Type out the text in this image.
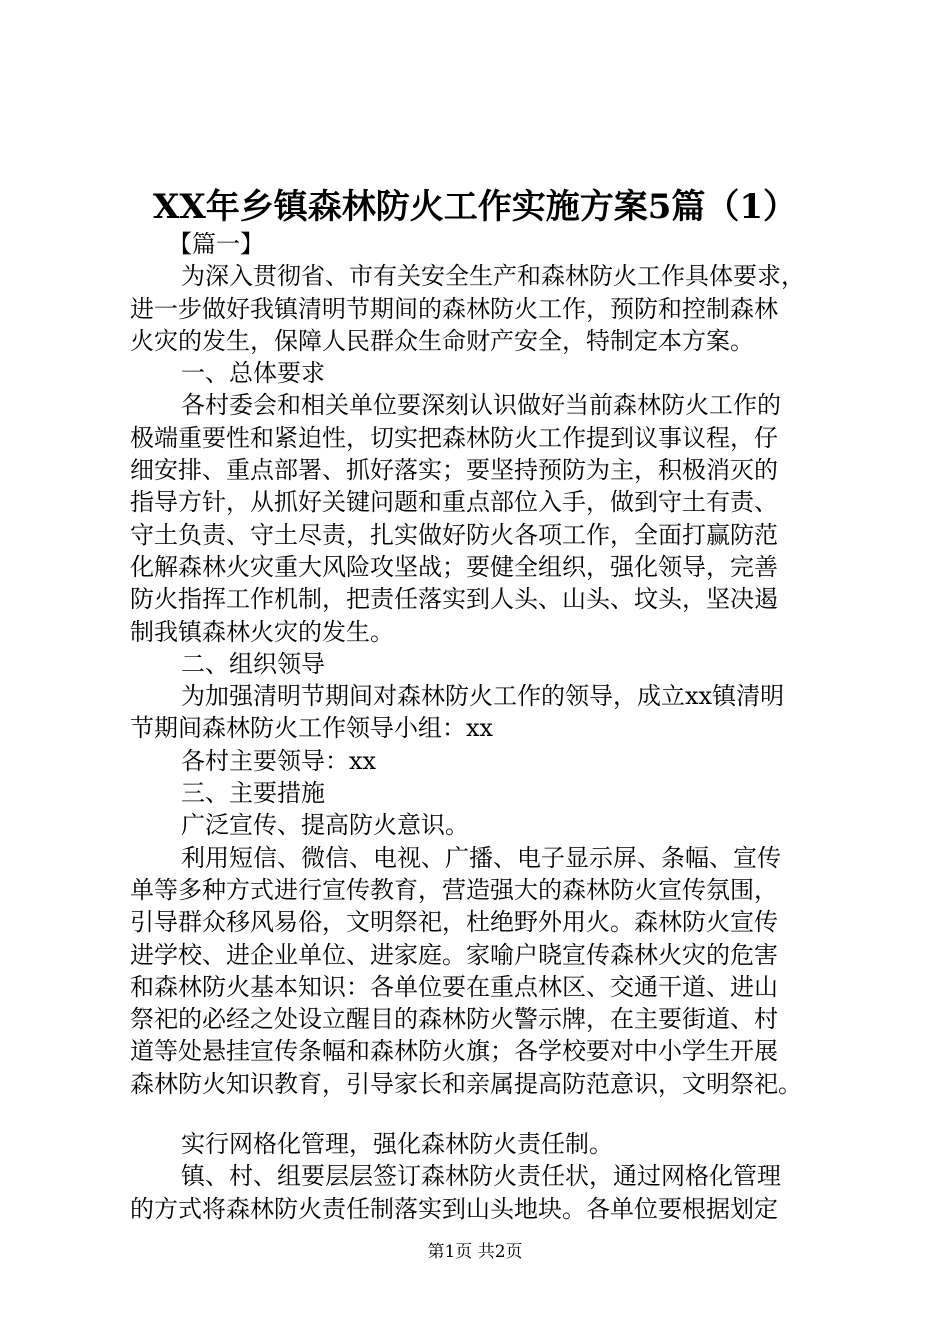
XX年乡镇森林防火工作实施方案5篇（1）
【篇一】
为深入贯彻省、市有关安全生产和森林防火工作具体要求，
进一步做好我镇清明节期间的森林防火工作，预防和控制森林
火灾的发生，保障人民群众生命财产安全，特制定本方案。
一、总体要求
各村委会和相关单位要深刻认识做好当前森林防火工作的
极端重要性和紧迫性，切实把森林防火工作提到议事议程，仔
细安排、重点部署、抓好落实；要坚持预防为主，积极消灭的
指导方针，从抓好关键问题和重点部位入手，做到守土有责、
守土负责、守土尽责，扎实做好防火各项工作，全面打赢防范
化解森林火灾重大风险攻坚战；要健全组织，强化领导，完善
防火指挥工作机制，把责任落实到人头、山头、坟头，坚决遏
制我镇森林火灾的发生。
二、组织领导
为加强清明节期间对森林防火工作的领导，成立xx镇清明
节期间森林防火工作领导小组：xx
各村主要领导：xx
三、主要措施
广泛宣传、提高防火意识。
利用短信、微信、电视、广播、电子显示屏、条幅、宣传
单等多种方式进行宣传教育，营造强大的森林防火宣传氛围，
引导群众移风易俗，文明祭祀，杜绝野外用火。森林防火宣传
进学校、进企业单位、进家庭。家喻户晓宣传森林火灾的危害
和森林防火基本知识：各单位要在重点林区、交通干道、进山
祭祀的必经之处设立醒目的森林防火警示牌，在主要街道、村
道等处悬挂宣传条幅和森林防火旗；各学校要对中小学生开展
森林防火知识教育，引导家长和亲属提高防范意识，文明祭祀。
实行网格化管理，强化森林防火责任制。
镇、村、组要层层签订森林防火责任状，通过网格化管理
的方式将森林防火责任制落实到山头地块。各单位要根据划定
第1页 共2页
